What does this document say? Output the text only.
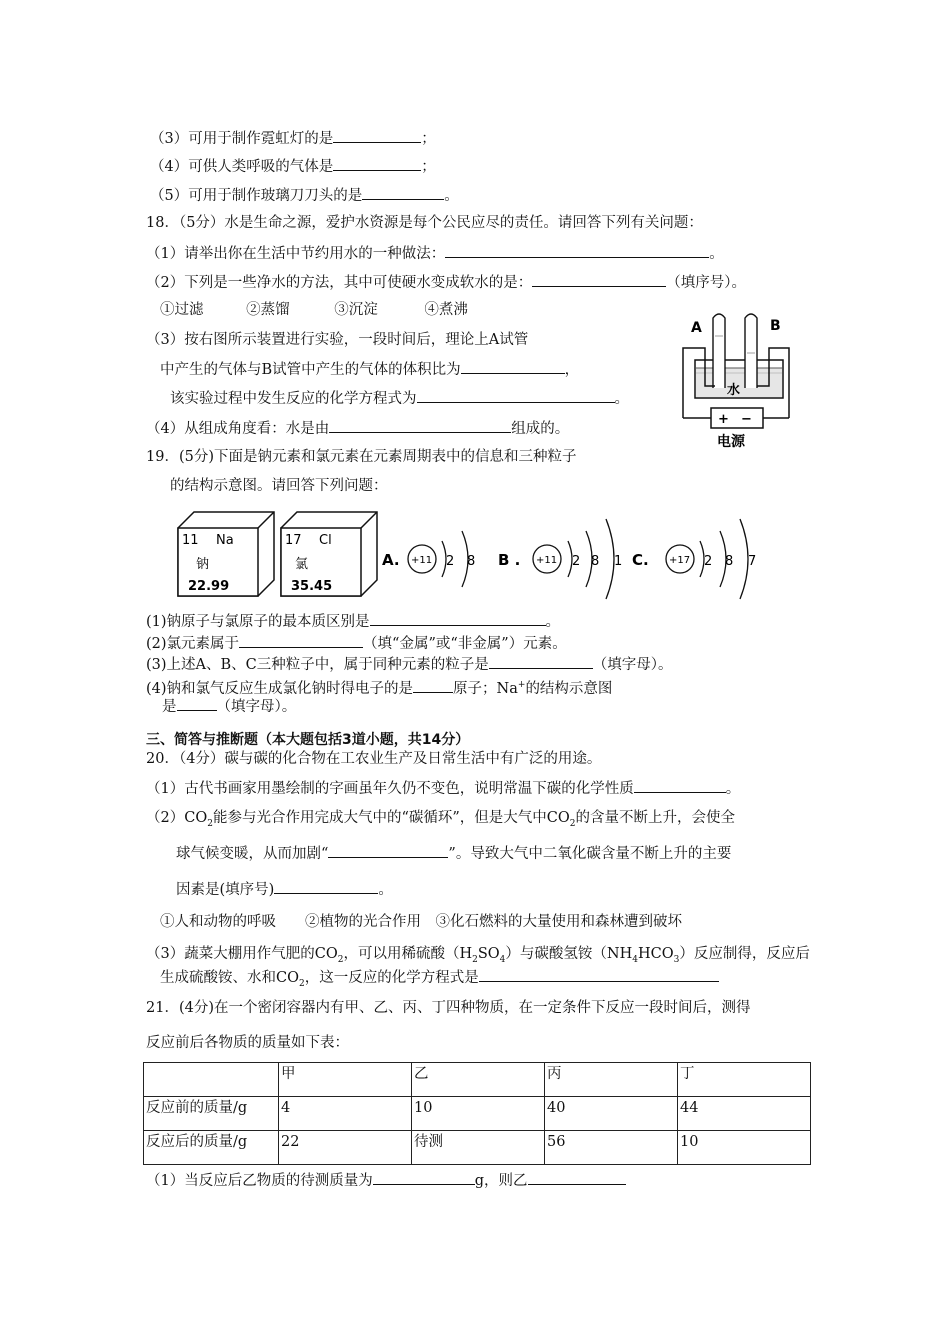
（3）可用于制作霓虹灯的是	；
（4）可供人类呼吸的气体是	；
（5）可用于制作玻璃刀刀头的是	。
18．（5分）水是生命之源，爱护水资源是每个公民应尽的责任。请回答下列有关问题：
（1）请举出你在生活中节约用水的一种做法：	。
（2）下列是一些净水的方法，其中可使硬水变成软水的是：	（填序号）。
①过滤	②蒸馏	③沉淀	④煮沸
（3）按右图所示装置进行实验，一段时间后，理论上A试管
中产生的气体与B试管中产生的气体的体积比为	，
该实验过程中发生反应的化学方程式为	。
（4）从组成角度看：水是由	组成的。
A	B
水
+ −
电源
19．(5分)下面是钠元素和氯元素在元素周期表中的信息和三种粒子
的结构示意图。请回答下列问题：
11 Na
钠
22.99
17 Cl
氯
35.45
A. +11 2 8 B . +11 2 8 1 C. +17 2 8 7
(1)钠原子与氯原子的最本质区别是	。
(2)氯元素属于	（填“金属”或“非金属”）元素。
(3)上述A、B、C三种粒子中，属于同种元素的粒子是	（填字母）。
(4)钠和氯气反应生成氯化钠时得电子的是	原子；Na+的结构示意图
是	（填字母）。
三、简答与推断题（本大题包括3道小题，共14分）
20．（4分）碳与碳的化合物在工农业生产及日常生活中有广泛的用途。
（1）古代书画家用墨绘制的字画虽年久仍不变色，说明常温下碳的化学性质	。
$(2)CO_2$能参与光合作用完成大气中的“碳循环”，但是大气中$CO_2$的含量不断上升，会使全
球气候变暖，从而加剧“	”。导致大气中二氧化碳含量不断上升的主要
因素是(填序号)	。
①人和动物的呼吸　　②植物的光合作用　③化石燃料的大量使用和森林遭到破坏
（3）蔬菜大棚用作气肥的$CO_2$，可以用稀硫酸$(H_2SO_4)$与碳酸氢铵$(NH_4HCO_3)$反应制得，反应后
生成硫酸铵、水和$CO_2$，这一反应的化学方程式是
21．(4分)在一个密闭容器内有甲、乙、丙、丁四种物质，在一定条件下反应一段时间后，测得
反应前后各物质的质量如下表：
	甲	乙	丙	丁
反应前的质量/g	4	10	40	44
反应后的质量/g	22	待测	56	10
（1）当反应后乙物质的待测质量为	g，则乙
